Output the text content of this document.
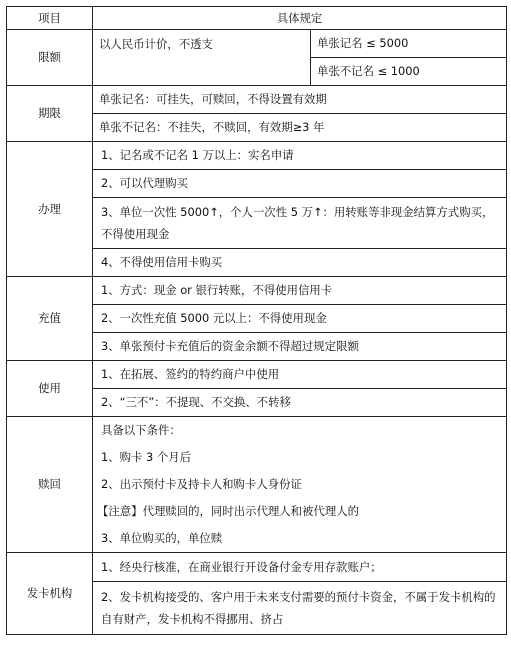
项目	具体规定	
限额	以人民币计价，不透支	单张记名 ≤ 5000
		单张不记名 ≤ 1000
期限	单张记名：可挂失，可赎回，不得设置有效期	
	单张不记名：不挂失，不赎回，有效期≥3 年	
办理	1、记名或不记名 1 万以上：实名申请	
	2、可以代理购买	
	3、单位一次性 5000↑，个人一次性 5 万↑：用转账等非现金结算方式购买，不得使用现金	
	4、不得使用信用卡购买	
充值	1、方式：现金 or 银行转账，不得使用信用卡	
	2、一次性充值 5000 元以上：不得使用现金	
	3、单张预付卡充值后的资金余额不得超过规定限额	
使用	1、在拓展、签约的特约商户中使用	
	2、“三不”：不提现、不交换、不转移	
赎回	具备以下条件：	
	1、购卡 3 个月后	
	2、出示预付卡及持卡人和购卡人身份证	
	【注意】代理赎回的，同时出示代理人和被代理人的	
	3、单位购买的，单位赎	
发卡机构	1、经央行核准，在商业银行开设备付金专用存款账户；	
	2、发卡机构接受的、客户用于未来支付需要的预付卡资金，不属于发卡机构的自有财产，发卡机构不得挪用、挤占	
